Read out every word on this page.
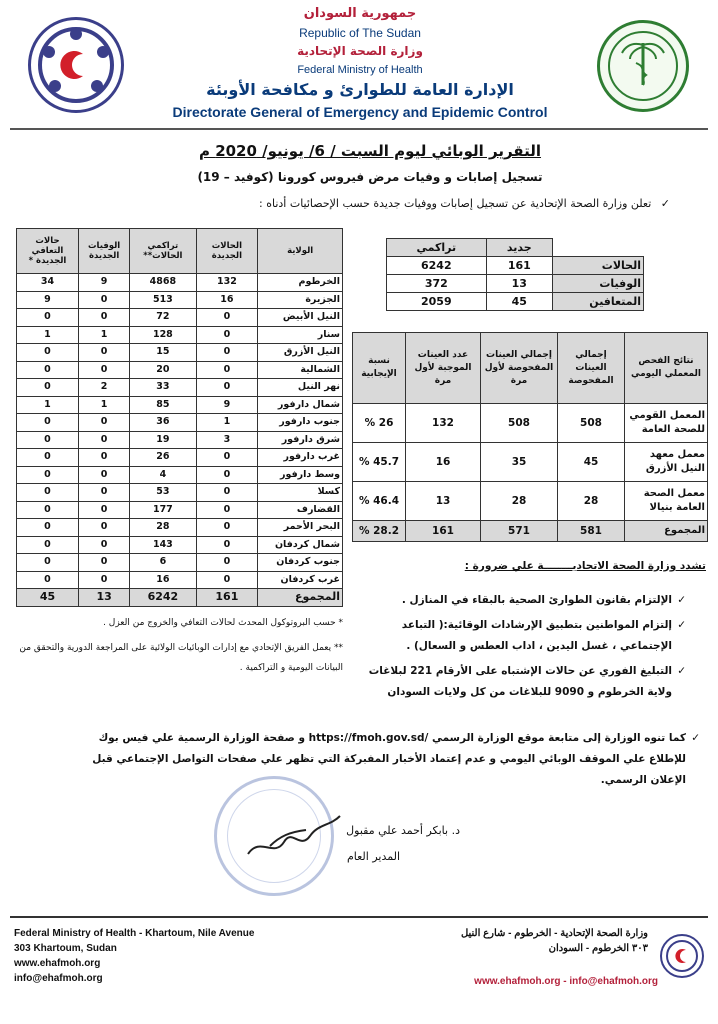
جمهورية السودان
Republic of The Sudan
وزارة الصحة الإتحادية
Federal Ministry of Health
الإدارة العامة للطوارئ و مكافحة الأوبئة
Directorate General of Emergency and Epidemic Control
التقرير الوبائي ليوم السبت / 6/ يونيو/ 2020 م
تسجيل إصابات و وفيات مرض فيروس كورونا (كوفيد – 19)
✓ تعلن وزارة الصحة الإتحادية عن تسجيل إصابات ووفيات جديدة حسب الإحصائيات أدناه :
الولاية	الحالات الجديدة	تراكمي الحالات**	الوفيات الجديدة	حالات التعافي الجديدة *
الخرطوم	132	4868	9	34
الجزيرة	16	513	0	9
النيل الأبيض	0	72	0	0
سنار	0	128	1	1
النيل الأزرق	0	15	0	0
الشمالية	0	20	0	0
نهر النيل	0	33	2	0
شمال دارفور	9	85	1	1
جنوب دارفور	1	36	0	0
شرق دارفور	3	19	0	0
غرب دارفور	0	26	0	0
وسط دارفور	0	4	0	0
كسلا	0	53	0	0
القضارف	0	177	0	0
البحر الأحمر	0	28	0	0
شمال كردفان	0	143	0	0
جنوب كردفان	0	6	0	0
غرب كردفان	0	16	0	0
المجموع	161	6242	13	45
* حسب البروتوكول المحدث لحالات التعافي والخروج من العزل .
** يعمل الفريق الإتحادي مع إدارات الوبائيات الولائية على المراجعة الدورية والتحقق من البيانات اليومية و التراكمية .
	جديد	تراكمي
الحالات	161	6242
الوفيات	13	372
المتعافين	45	2059
نتائج الفحص المعملي اليومي	إجمالي العينات المفحوصة	إجمالي العينات المفحوصة لأول مرة	عدد العينات الموجبة لأول مرة	نسبة الإيجابية
المعمل القومي للصحة العامة	508	508	132	26 %
معمل معهد النيل الأزرق	45	35	16	45.7 %
معمل الصحة العامة بنيالا	28	28	13	46.4 %
المجموع	581	571	161	28.2 %
تشدد وزارة الصحة الاتحاديــــــــة علي ضرورة :
✓
الإلتزام بقانون الطوارئ الصحية بالبقاء في المنازل .
✓
إلتزام المواطنين بتطبيق الإرشادات الوقائية:( التباعد الإجتماعي ، غسل اليدين ، اداب العطس و السعال) .
✓
التبليغ الفوري عن حالات الإشتباه على الأرقام 221 لبلاغات ولاية الخرطوم و 9090 للبلاغات من كل ولايات السودان
✓
كما تنوه الوزارة إلى متابعة موقع الوزارة الرسمي /https://fmoh.gov.sd و صفحة الوزارة الرسمية علي فيس بوك للإطلاع علي الموقف الوبائي اليومي و عدم إعتماد الأخبار المفبركة التي تظهر علي صفحات التواصل الإجتماعي قبل الإعلان الرسمي.
د. بابكر أحمد علي مقبول
المدير العام
Federal Ministry of Health - Khartoum, Nile Avenue
303 Khartoum, Sudan
www.ehafmoh.org
info@ehafmoh.org
وزارة الصحة الإتحادية - الخرطوم - شارع النيل
٣٠٣ الخرطوم - السودان
www.ehafmoh.org - info@ehafmoh.org
